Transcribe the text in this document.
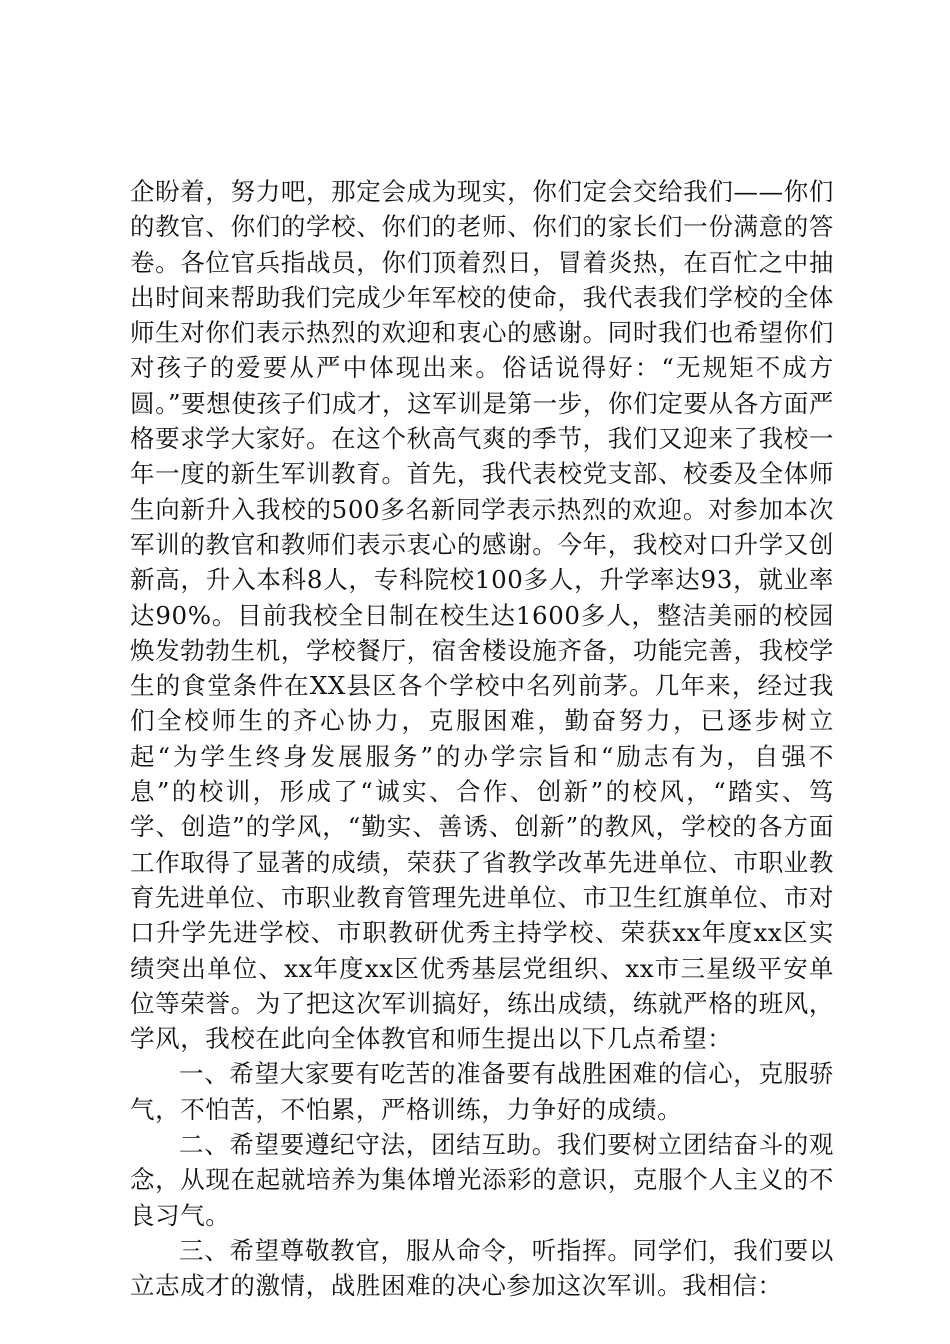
企盼着，努力吧，那定会成为现实，你们定会交给我们——你们的教官、你们的学校、你们的老师、你们的家长们一份满意的答卷。各位官兵指战员，你们顶着烈日，冒着炎热，在百忙之中抽出时间来帮助我们完成少年军校的使命，我代表我们学校的全体师生对你们表示热烈的欢迎和衷心的感谢。同时我们也希望你们对孩子的爱要从严中体现出来。俗话说得好：“无规矩不成方圆。”要想使孩子们成才，这军训是第一步，你们定要从各方面严格要求学大家好。在这个秋高气爽的季节，我们又迎来了我校一年一度的新生军训教育。首先，我代表校党支部、校委及全体师生向新升入我校的500多名新同学表示热烈的欢迎。对参加本次军训的教官和教师们表示衷心的感谢。今年，我校对口升学又创新高，升入本科8人，专科院校100多人，升学率达93，就业率达90%。目前我校全日制在校生达1600多人，整洁美丽的校园焕发勃勃生机，学校餐厅，宿舍楼设施齐备，功能完善，我校学生的食堂条件在XX县区各个学校中名列前茅。几年来，经过我们全校师生的齐心协力，克服困难，勤奋努力，已逐步树立起“为学生终身发展服务”的办学宗旨和“励志有为，自强不息”的校训，形成了“诚实、合作、创新”的校风，“踏实、笃学、创造”的学风，“勤实、善诱、创新”的教风，学校的各方面工作取得了显著的成绩，荣获了省教学改革先进单位、市职业教育先进单位、市职业教育管理先进单位、市卫生红旗单位、市对口升学先进学校、市职教研优秀主持学校、荣获xx年度xx区实绩突出单位、xx年度xx区优秀基层党组织、xx市三星级平安单位等荣誉。为了把这次军训搞好，练出成绩，练就严格的班风，学风，我校在此向全体教官和师生提出以下几点希望：

一、希望大家要有吃苦的准备要有战胜困难的信心，克服骄气，不怕苦，不怕累，严格训练，力争好的成绩。

二、希望要遵纪守法，团结互助。我们要树立团结奋斗的观念，从现在起就培养为集体增光添彩的意识，克服个人主义的不良习气。

三、希望尊敬教官，服从命令，听指挥。同学们，我们要以立志成才的激情，战胜困难的决心参加这次军训。我相信：
